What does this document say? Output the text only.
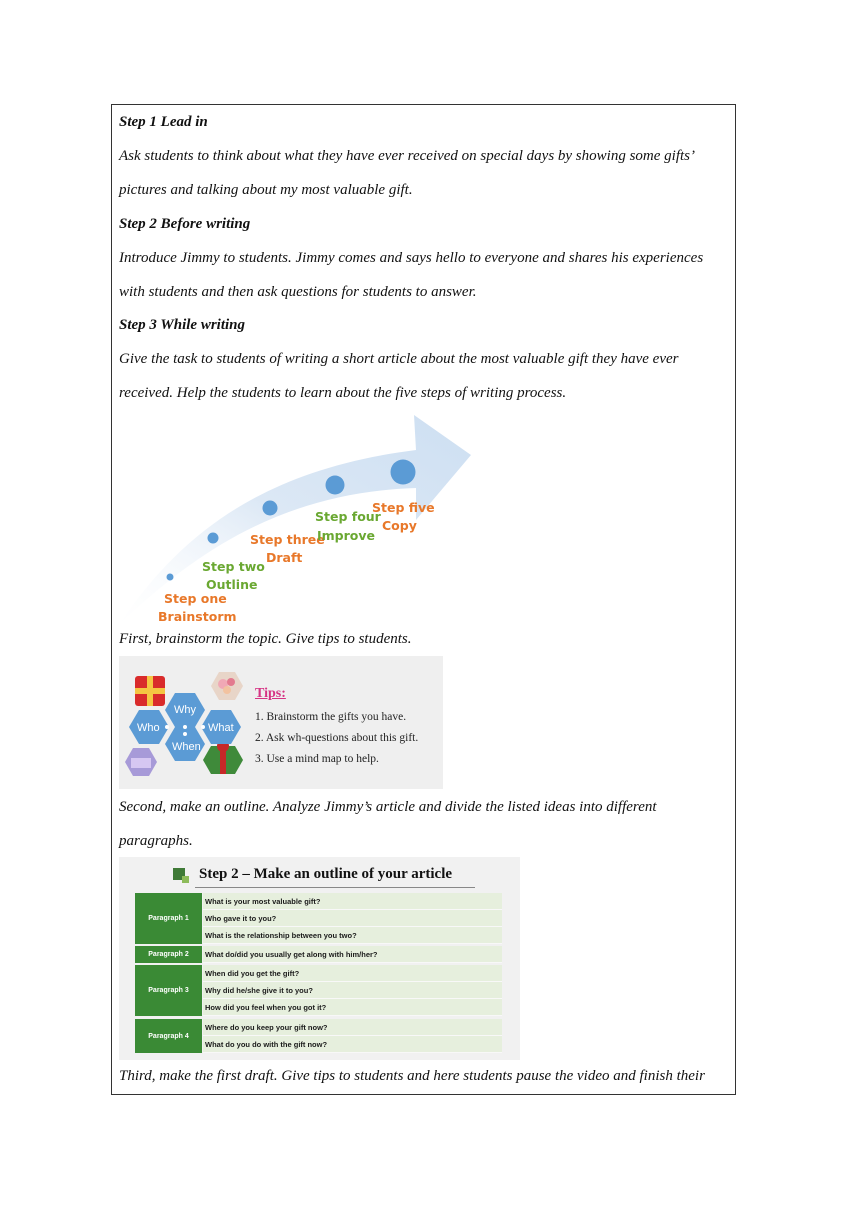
Step 1 Lead in
Ask students to think about what they have ever received on special days by showing some gifts’
pictures and talking about my most valuable gift.
Step 2 Before writing
Introduce Jimmy to students. Jimmy comes and says hello to everyone and shares his experiences
with students and then ask questions for students to answer.
Step 3 While writing
Give the task to students of writing a short article about the most valuable gift they have ever
received. Help the students to learn about the five steps of writing process.
Step one
Brainstorm
Step two
Outline
Step three
Draft
Step four
Improve
Step five
Copy
First, brainstorm the topic. Give tips to students.
Why
Who	What
When
Tips:
1. Brainstorm the gifts you have.
2. Ask wh-questions about this gift.
3. Use a mind map to help.
Second, make an outline. Analyze Jimmy’s article and divide the listed ideas into different
paragraphs.
Step 2 – Make an outline of your article
Paragraph 1
What is your most valuable gift?
Who gave it to you?
What is the relationship between you two?
Paragraph 2	What do/did you usually get along with him/her?
Paragraph 3
When did you get the gift?
Why did he/she give it to you?
How did you feel when you got it?
Paragraph 4
Where do you keep your gift now?
What do you do with the gift now?
Third, make the first draft. Give tips to students and here students pause the video and finish their
